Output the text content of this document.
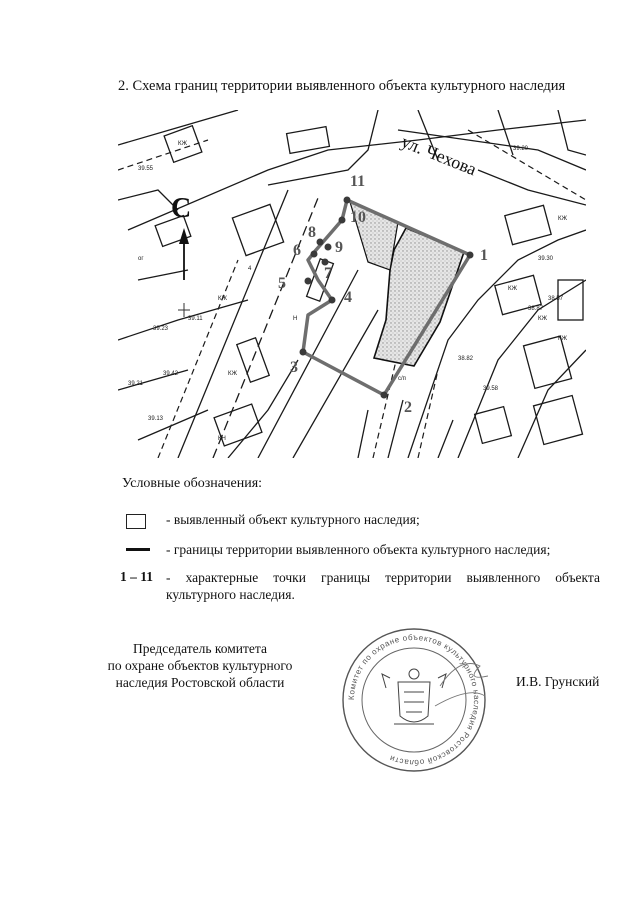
2. Схема границ территории выявленного объекта культурного наследия
39.55
39.23
39.11
39.21
39.42
39.13
39.20
39.30
38.87
39.58
38.57
38.82
КЖ
КЖ
КН
КЖ
КЖ
КЖ
КЖ
КЖ
с/п
Н
4
ог
ул. Чехова
С
1
2
3
4
5
6
7
8
9
10
11
Условные обозначения:
- выявленный объект культурного наследия;
- границы территории выявленного объекта культурного наследия;
1 – 11 - характерные точки границы территории выявленного объекта культурного наследия.
Председатель комитета
по охране объектов культурного
наследия Ростовской области
Комитет по охране объектов культурного наследия Ростовской области
И.В. Грунский
